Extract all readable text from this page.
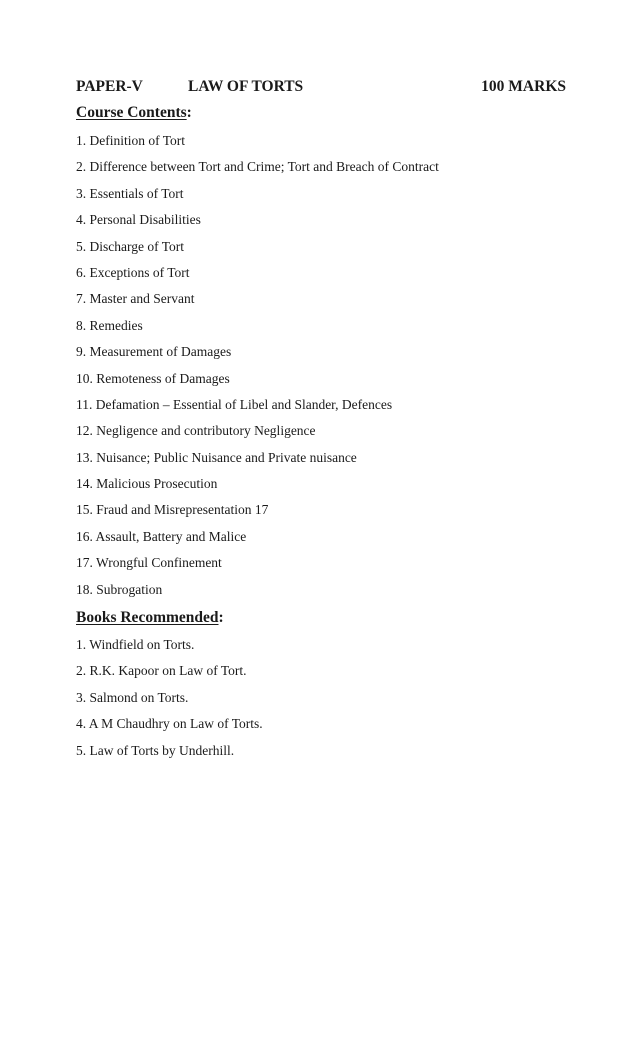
PAPER-V	LAW OF TORTS	100 MARKS
Course Contents:
1. Definition of Tort
2. Difference between Tort and Crime; Tort and Breach of Contract
3. Essentials of Tort
4. Personal Disabilities
5. Discharge of Tort
6. Exceptions of Tort
7. Master and Servant
8. Remedies
9. Measurement of Damages
10. Remoteness of Damages
11. Defamation – Essential of Libel and Slander, Defences
12. Negligence and contributory Negligence
13. Nuisance; Public Nuisance and Private nuisance
14. Malicious Prosecution
15. Fraud and Misrepresentation 17
16. Assault, Battery and Malice
17. Wrongful Confinement
18. Subrogation
Books Recommended:
1. Windfield on Torts.
2. R.K. Kapoor on Law of Tort.
3. Salmond on Torts.
4. A M Chaudhry on Law of Torts.
5. Law of Torts by Underhill.
